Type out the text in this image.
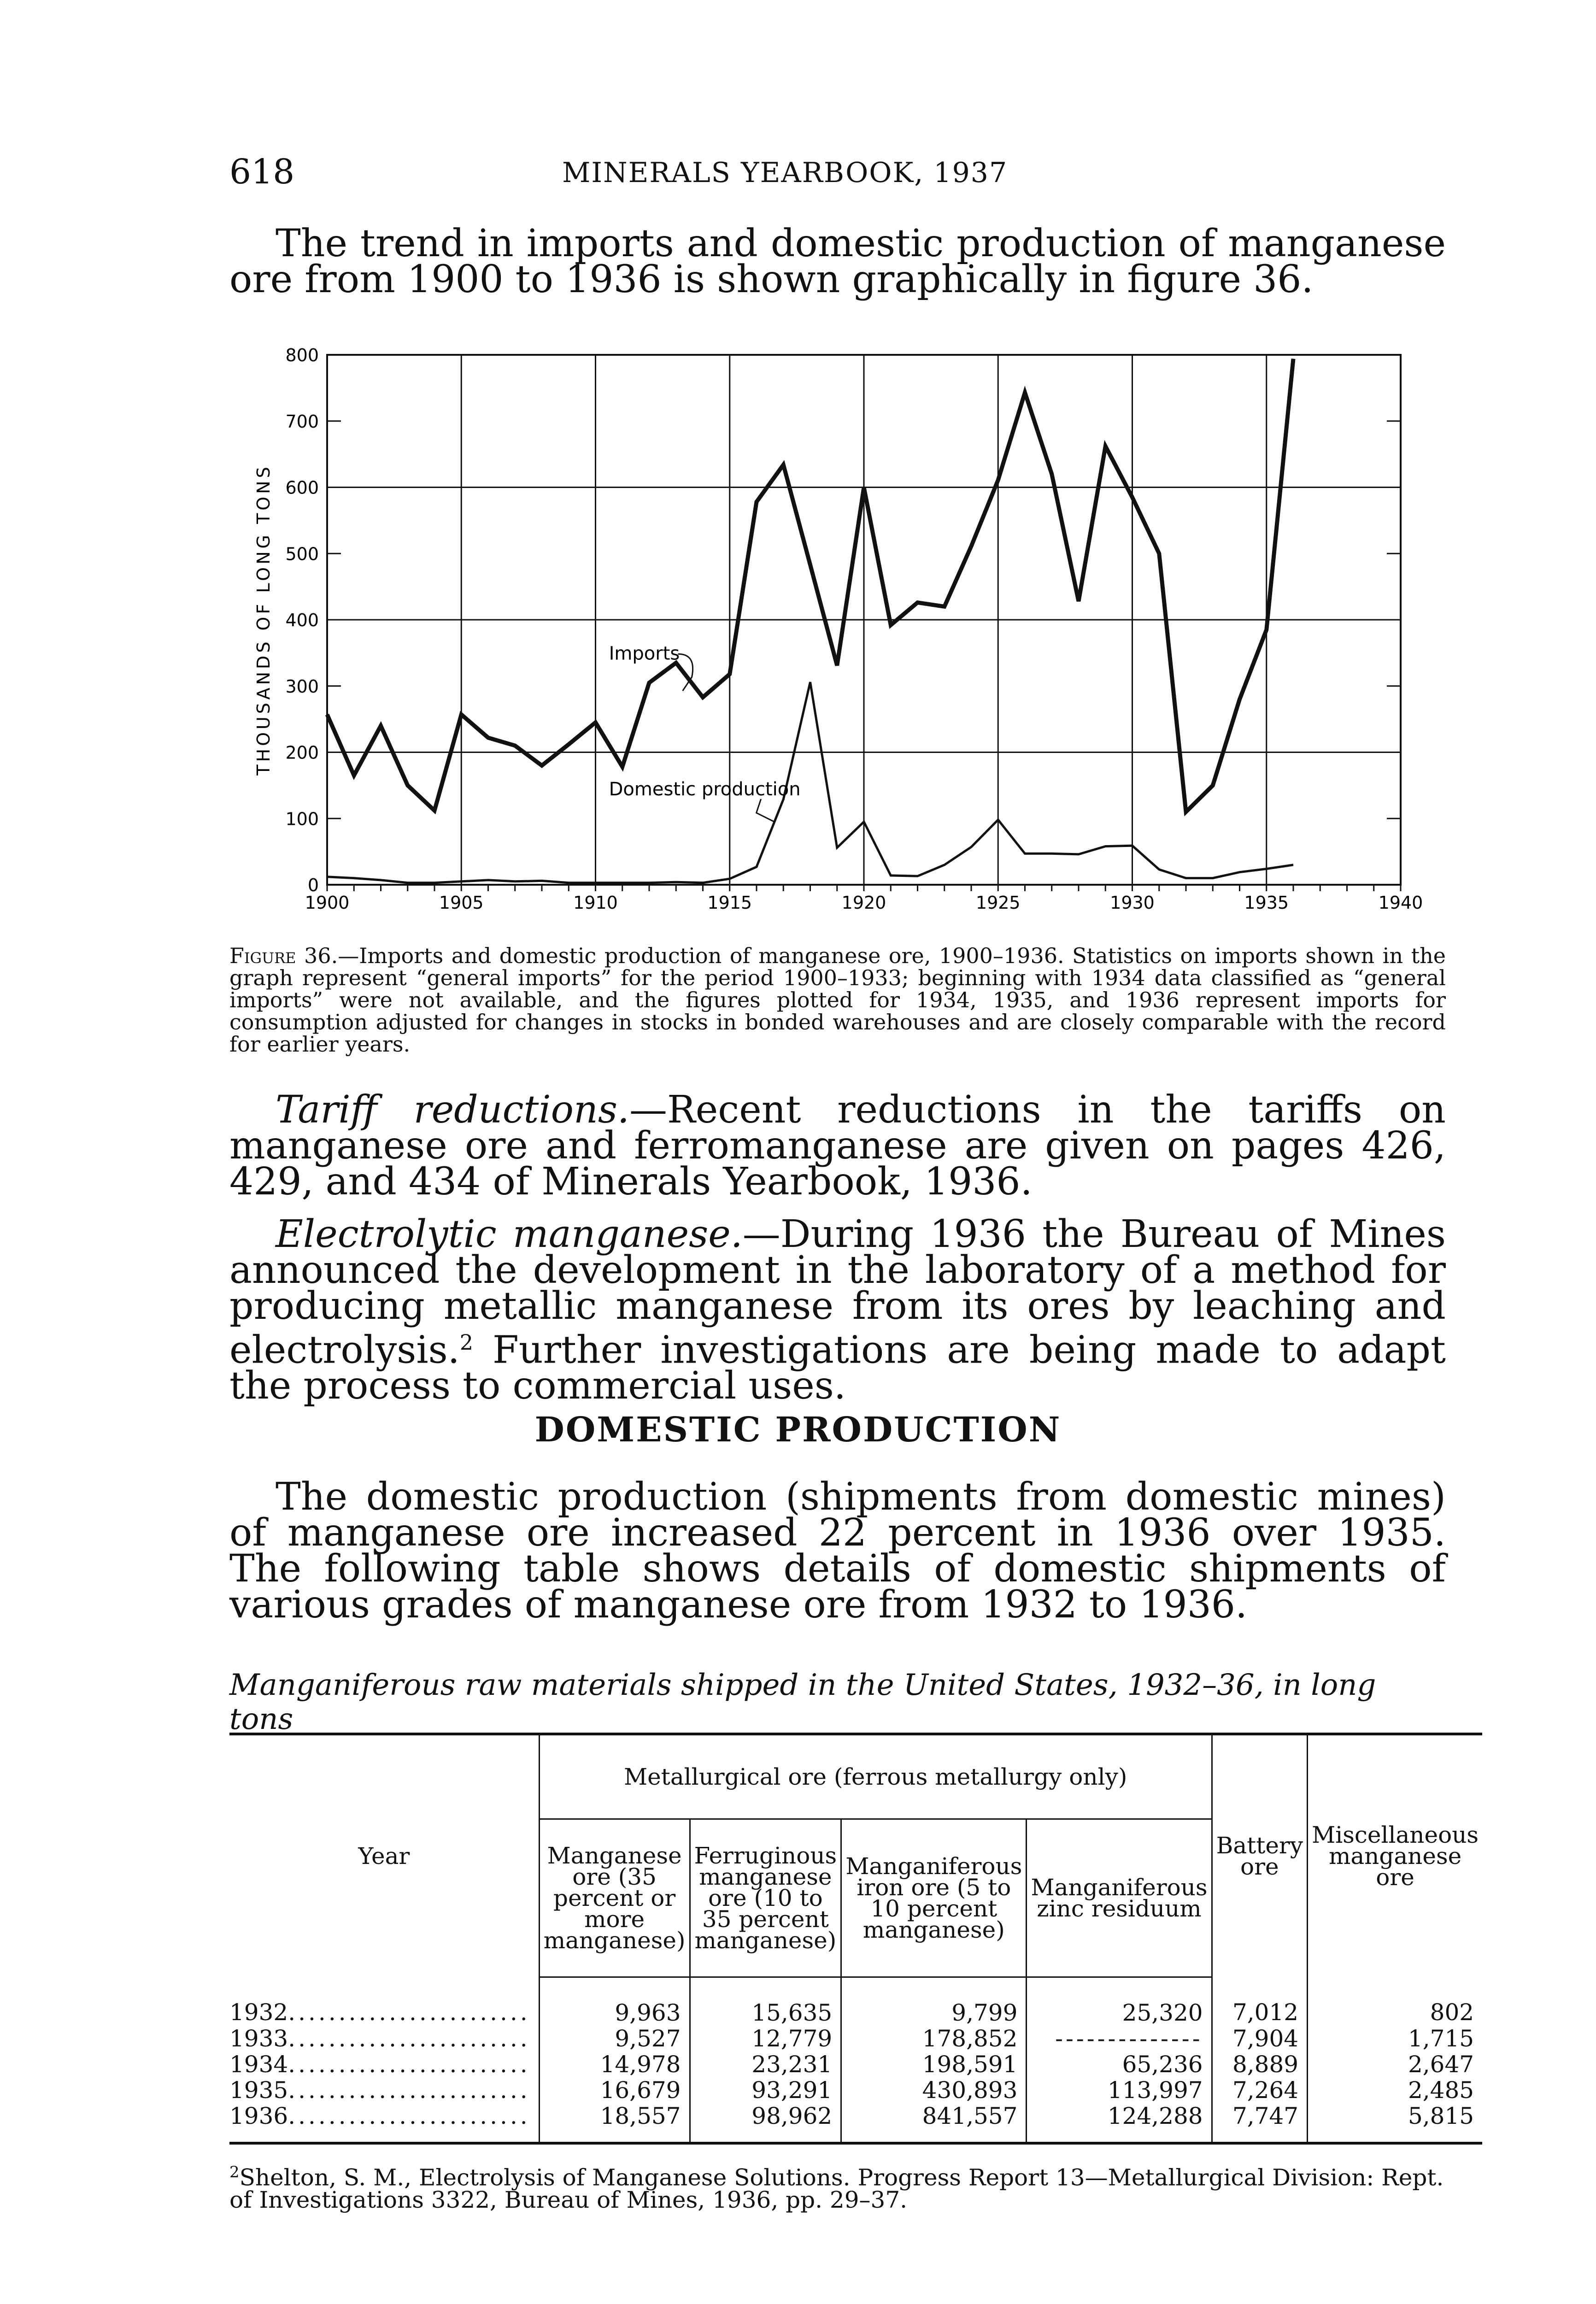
618	MINERALS YEARBOOK, 1937

The trend in imports and domestic production of manganese ore from 1900 to 1936 is shown graphically in figure 36.

0
100
200
300
400
500
600
700
800
1900	1905	1910	1915	1920	1925	1930	1935	1940
THOUSANDS OF LONG TONS	Imports
Domestic production

Figure 36.—Imports and domestic production of manganese ore, 1900–1936. Statistics on imports shown in the graph represent “general imports” for the period 1900–1933; beginning with 1934 data classified as “general imports” were not available, and the figures plotted for 1934, 1935, and 1936 represent imports for consumption adjusted for changes in stocks in bonded warehouses and are closely comparable with the record for earlier years.

Tariff reductions.—Recent reductions in the tariffs on manganese ore and ferromanganese are given on pages 426, 429, and 434 of Minerals Yearbook, 1936.

Electrolytic manganese.—During 1936 the Bureau of Mines announced the development in the laboratory of a method for producing metallic manganese from its ores by leaching and electrolysis.$^2$ Further investigations are being made to adapt the process to commercial uses.

DOMESTIC PRODUCTION

The domestic production (shipments from domestic mines) of manganese ore increased 22 percent in 1936 over 1935. The following table shows details of domestic shipments of various grades of manganese ore from 1932 to 1936.

Manganiferous raw materials shipped in the United States, 1932–36, in long tons
Year	Metallurgical ore (ferrous metallurgy only)				Battery ore	Miscellaneous manganese ore
	Manganese ore (35 percent or more manganese)	Ferruginous manganese ore (10 to 35 percent manganese)	Manganiferous iron ore (5 to 10 percent manganese)	Manganiferous zinc residuum		
1932........................	9,963	15,635	9,799	25,320	7,012	802
1933........................	9,527	12,779	178,852	--------------	7,904	1,715
1934........................	14,978	23,231	198,591	65,236	8,889	2,647
1935........................	16,679	93,291	430,893	113,997	7,264	2,485
1936........................	18,557	98,962	841,557	124,288	7,747	5,815

$^2$Shelton, S. M., Electrolysis of Manganese Solutions. Progress Report 13—Metallurgical Division: Rept. of Investigations 3322, Bureau of Mines, 1936, pp. 29–37.
